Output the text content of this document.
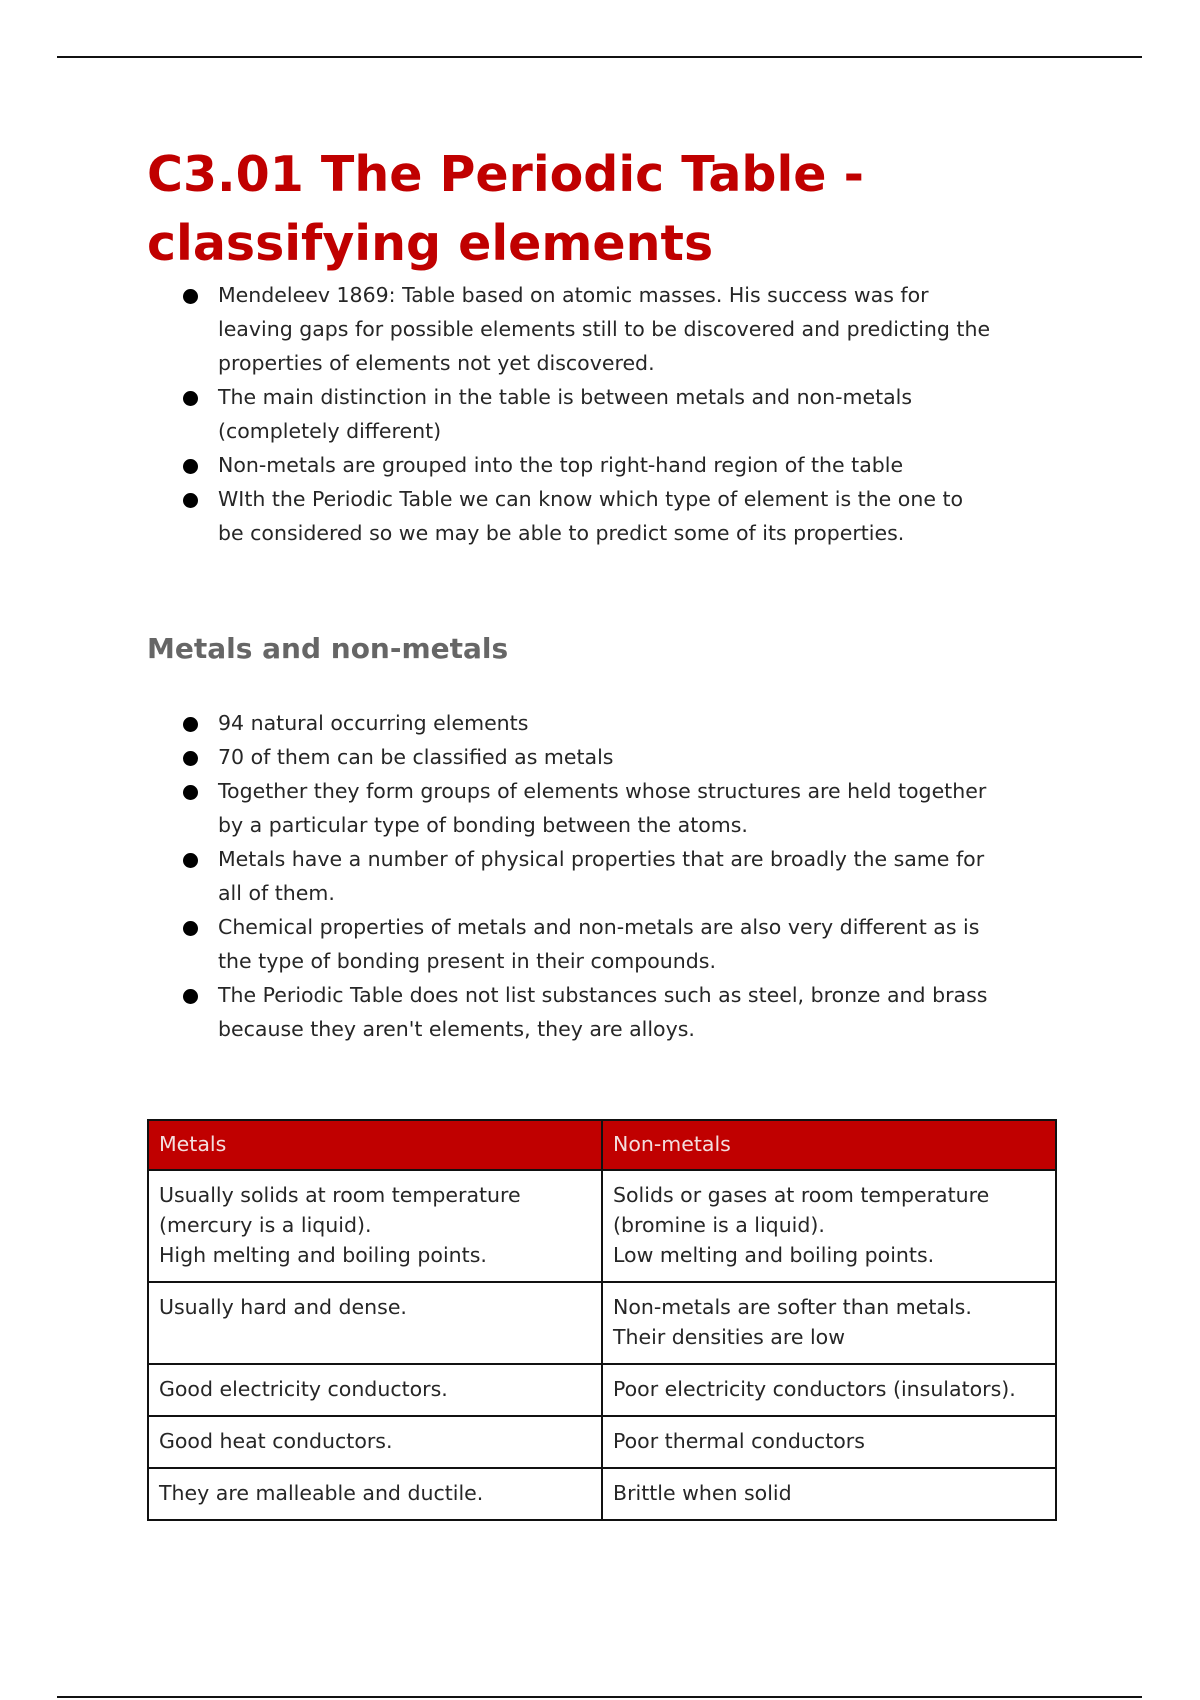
C3.01 The Periodic Table -
classifying elements
Mendeleev 1869: Table based on atomic masses. His success was for
leaving gaps for possible elements still to be discovered and predicting the
properties of elements not yet discovered.
The main distinction in the table is between metals and non-metals
(completely different)
Non-metals are grouped into the top right-hand region of the table
WIth the Periodic Table we can know which type of element is the one to
be considered so we may be able to predict some of its properties.
Metals and non-metals
94 natural occurring elements
70 of them can be classified as metals
Together they form groups of elements whose structures are held together
by a particular type of bonding between the atoms.
Metals have a number of physical properties that are broadly the same for
all of them.
Chemical properties of metals and non-metals are also very different as is
the type of bonding present in their compounds.
The Periodic Table does not list substances such as steel, bronze and brass
because they aren't elements, they are alloys.
Metals	Non-metals

Usually solids at room temperature
(mercury is a liquid).
High melting and boiling points.	Solids or gases at room temperature
(bromine is a liquid).
Low melting and boiling points.

Usually hard and dense.	Non-metals are softer than metals.
Their densities are low

Good electricity conductors.	Poor electricity conductors (insulators).

Good heat conductors.	Poor thermal conductors

They are malleable and ductile.	Brittle when solid
